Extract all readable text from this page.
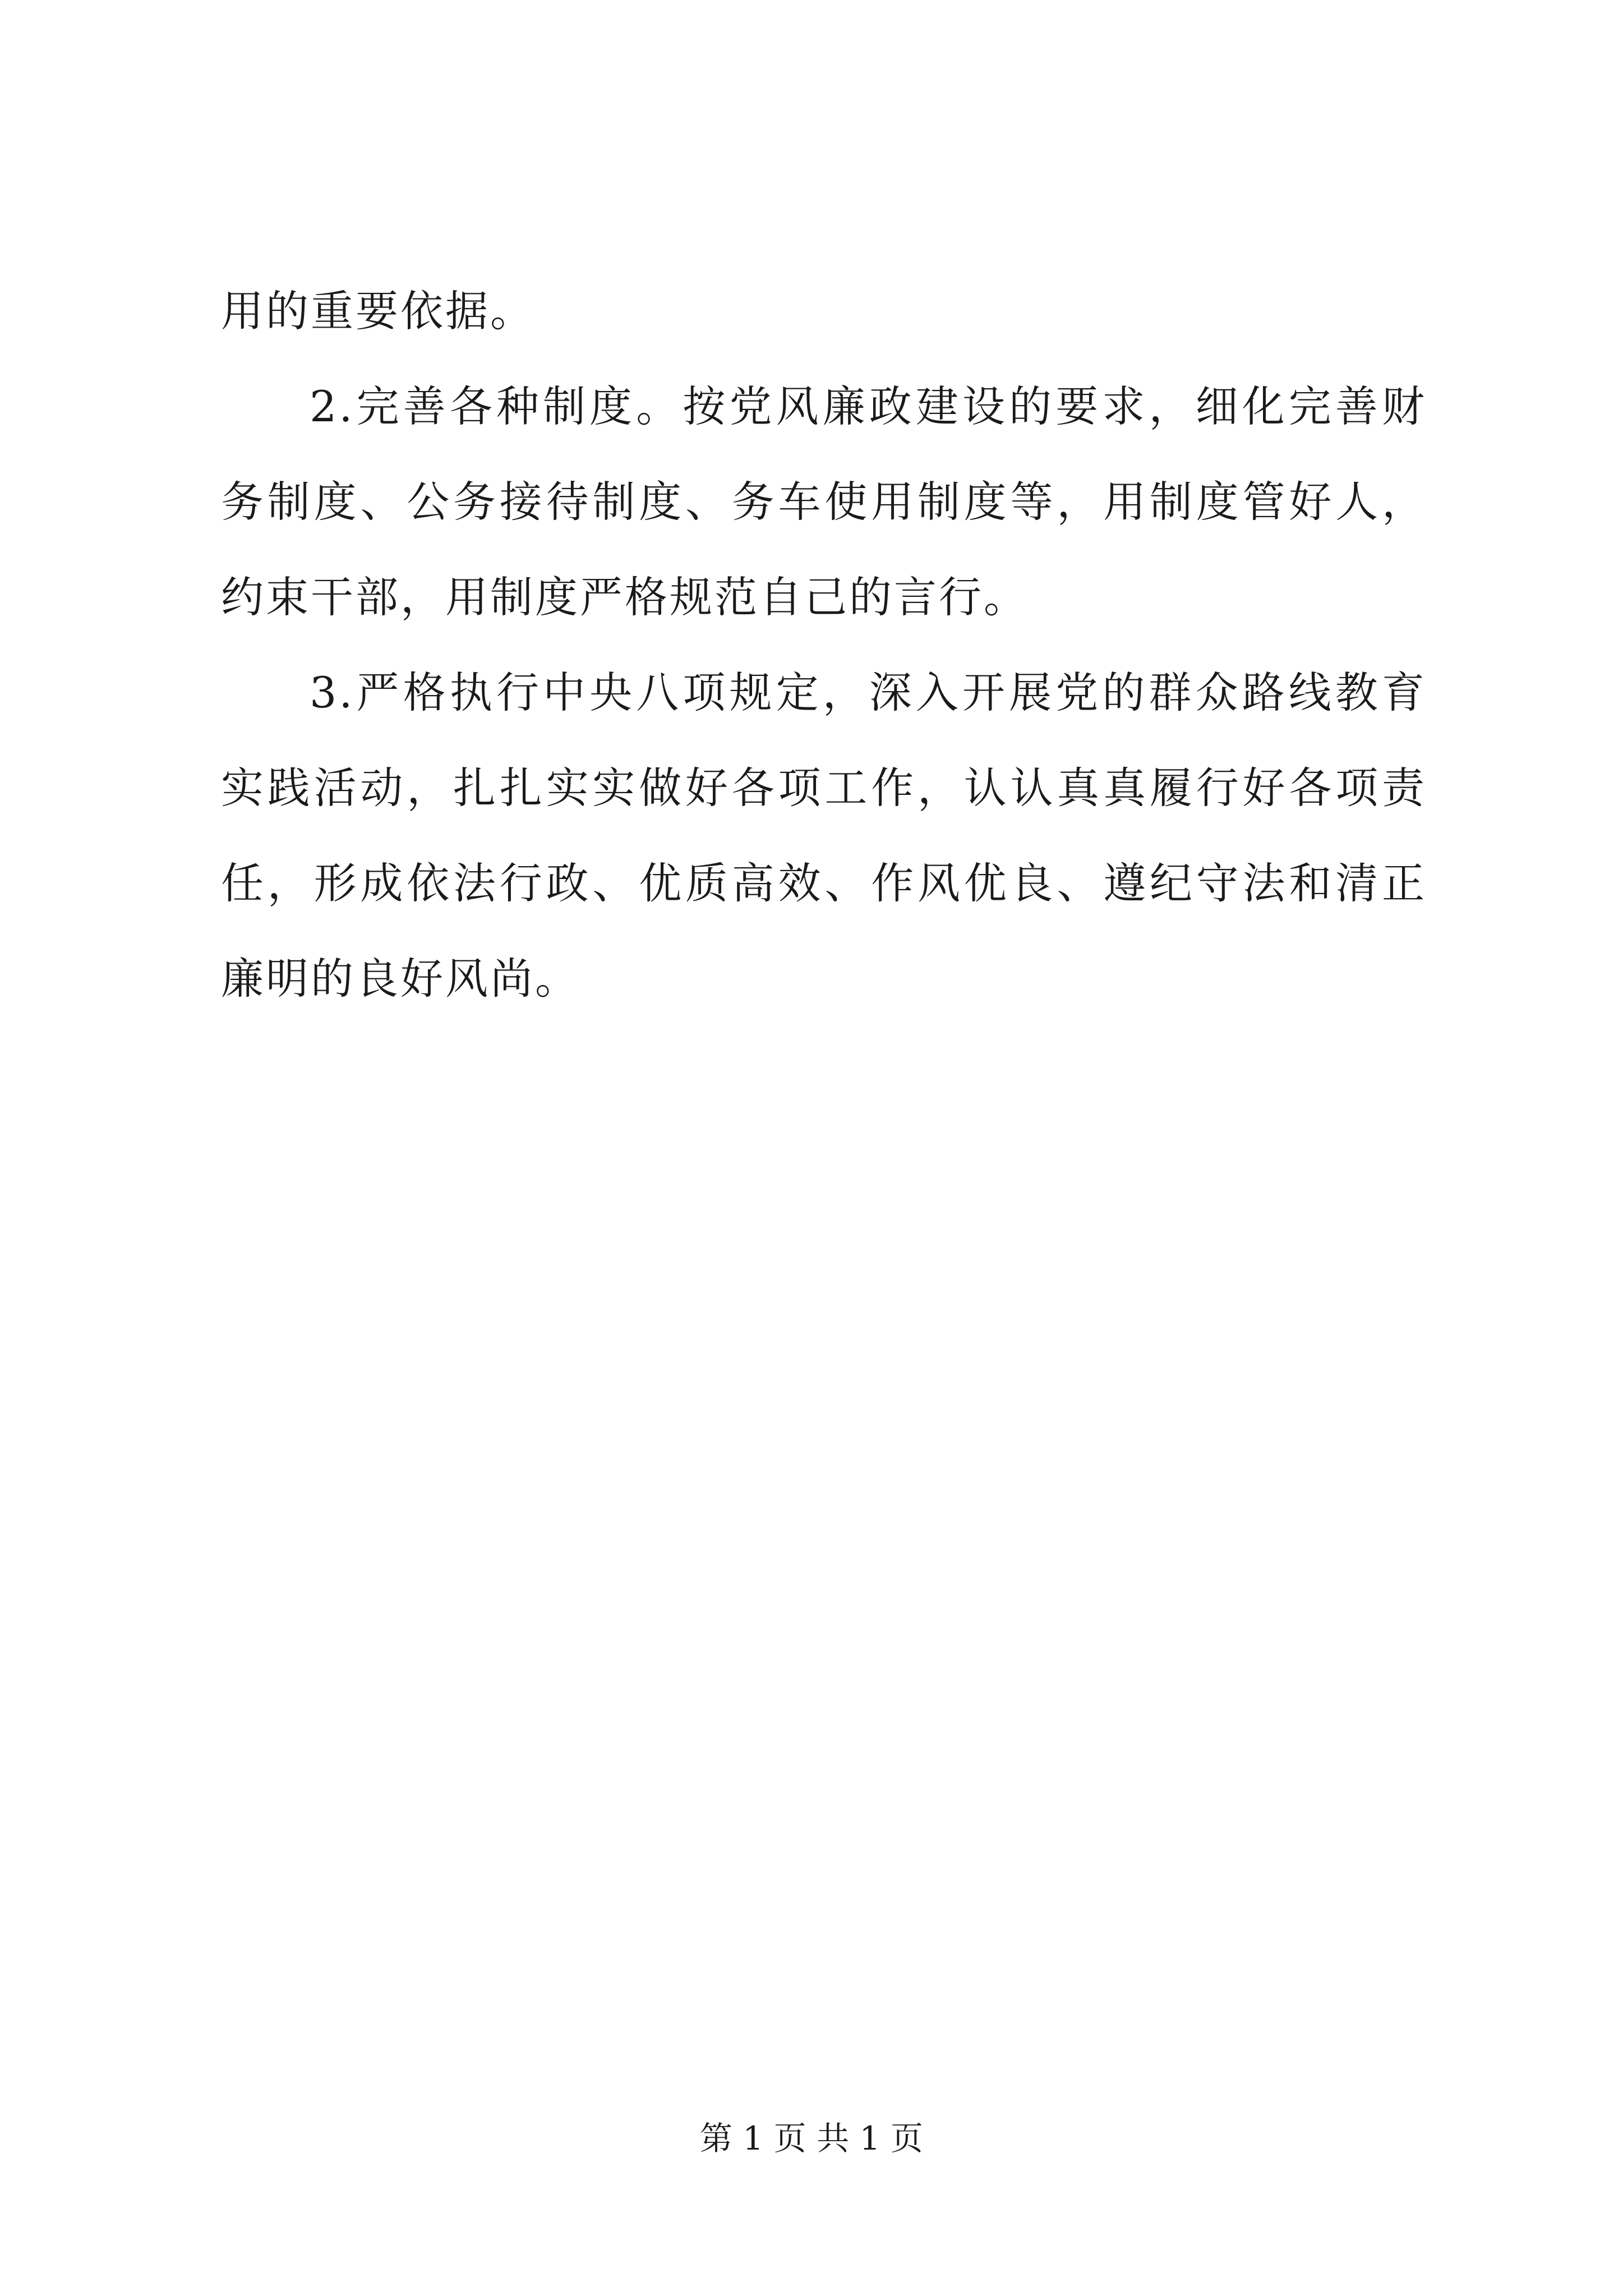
用的重要依据。

2.完善各种制度。按党风廉政建设的要求，细化完善财务制度、公务接待制度、务车使用制度等，用制度管好人，约束干部，用制度严格规范自己的言行。

3.严格执行中央八项规定，深入开展党的群众路线教育实践活动，扎扎实实做好各项工作，认认真真履行好各项责任，形成依法行政、优质高效、作风优良、遵纪守法和清正廉明的良好风尚。

第 1 页 共 1 页
